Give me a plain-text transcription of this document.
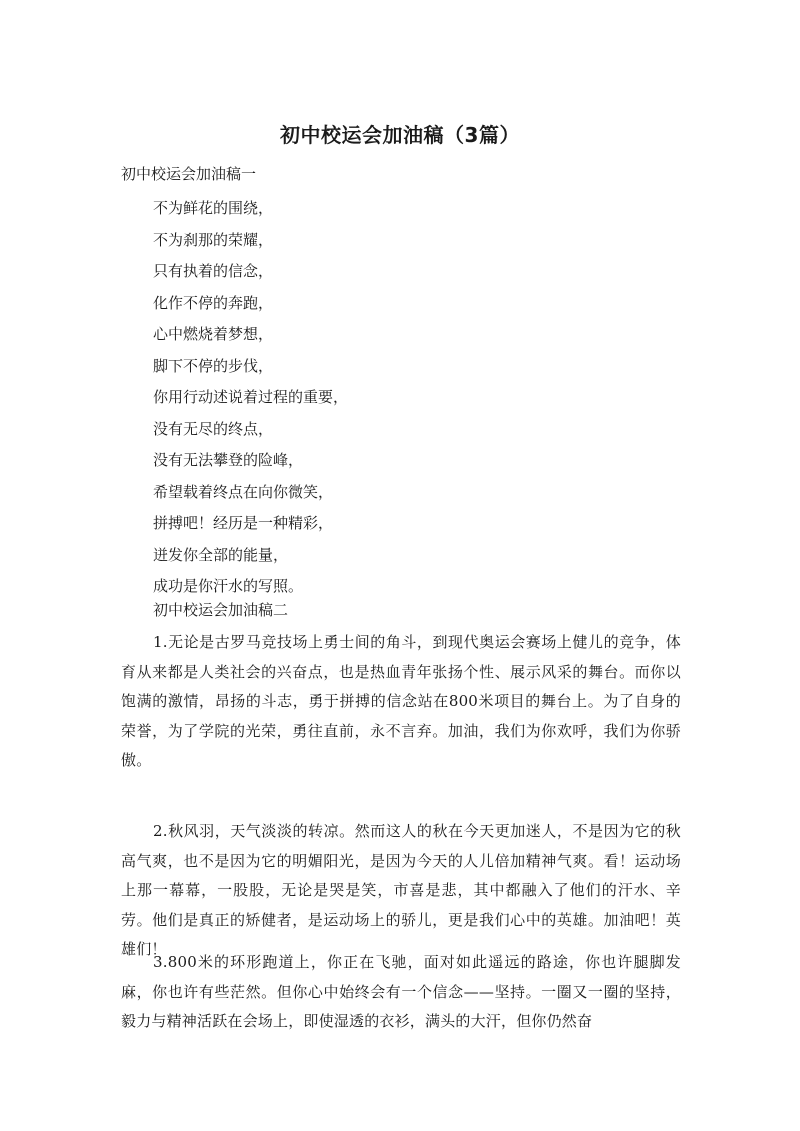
初中校运会加油稿（3篇）
初中校运会加油稿一
不为鲜花的围绕，
不为刹那的荣耀，
只有执着的信念，
化作不停的奔跑，
心中燃烧着梦想，
脚下不停的步伐，
你用行动述说着过程的重要，
没有无尽的终点，
没有无法攀登的险峰，
希望载着终点在向你微笑，
拼搏吧！经历是一种精彩，
迸发你全部的能量，
成功是你汗水的写照。
初中校运会加油稿二

1.无论是古罗马竞技场上勇士间的角斗，到现代奥运会赛场上健儿的竞争，体育从来都是人类社会的兴奋点，也是热血青年张扬个性、展示风采的舞台。而你以饱满的激情，昂扬的斗志，勇于拼搏的信念站在800米项目的舞台上。为了自身的荣誉，为了学院的光荣，勇往直前，永不言弃。加油，我们为你欢呼，我们为你骄傲。

2.秋风羽，天气淡淡的转凉。然而这人的秋在今天更加迷人，不是因为它的秋高气爽，也不是因为它的明媚阳光，是因为今天的人儿倍加精神气爽。看！运动场上那一幕幕，一股股，无论是哭是笑，市喜是悲，其中都融入了他们的汗水、辛劳。他们是真正的矫健者，是运动场上的骄儿，更是我们心中的英雄。加油吧！英雄们！

3.800米的环形跑道上，你正在飞驰，面对如此遥远的路途，你也许腿脚发麻，你也许有些茫然。但你心中始终会有一个信念——坚持。一圈又一圈的坚持，毅力与精神活跃在会场上，即使湿透的衣衫，满头的大汗，但你仍然奋
